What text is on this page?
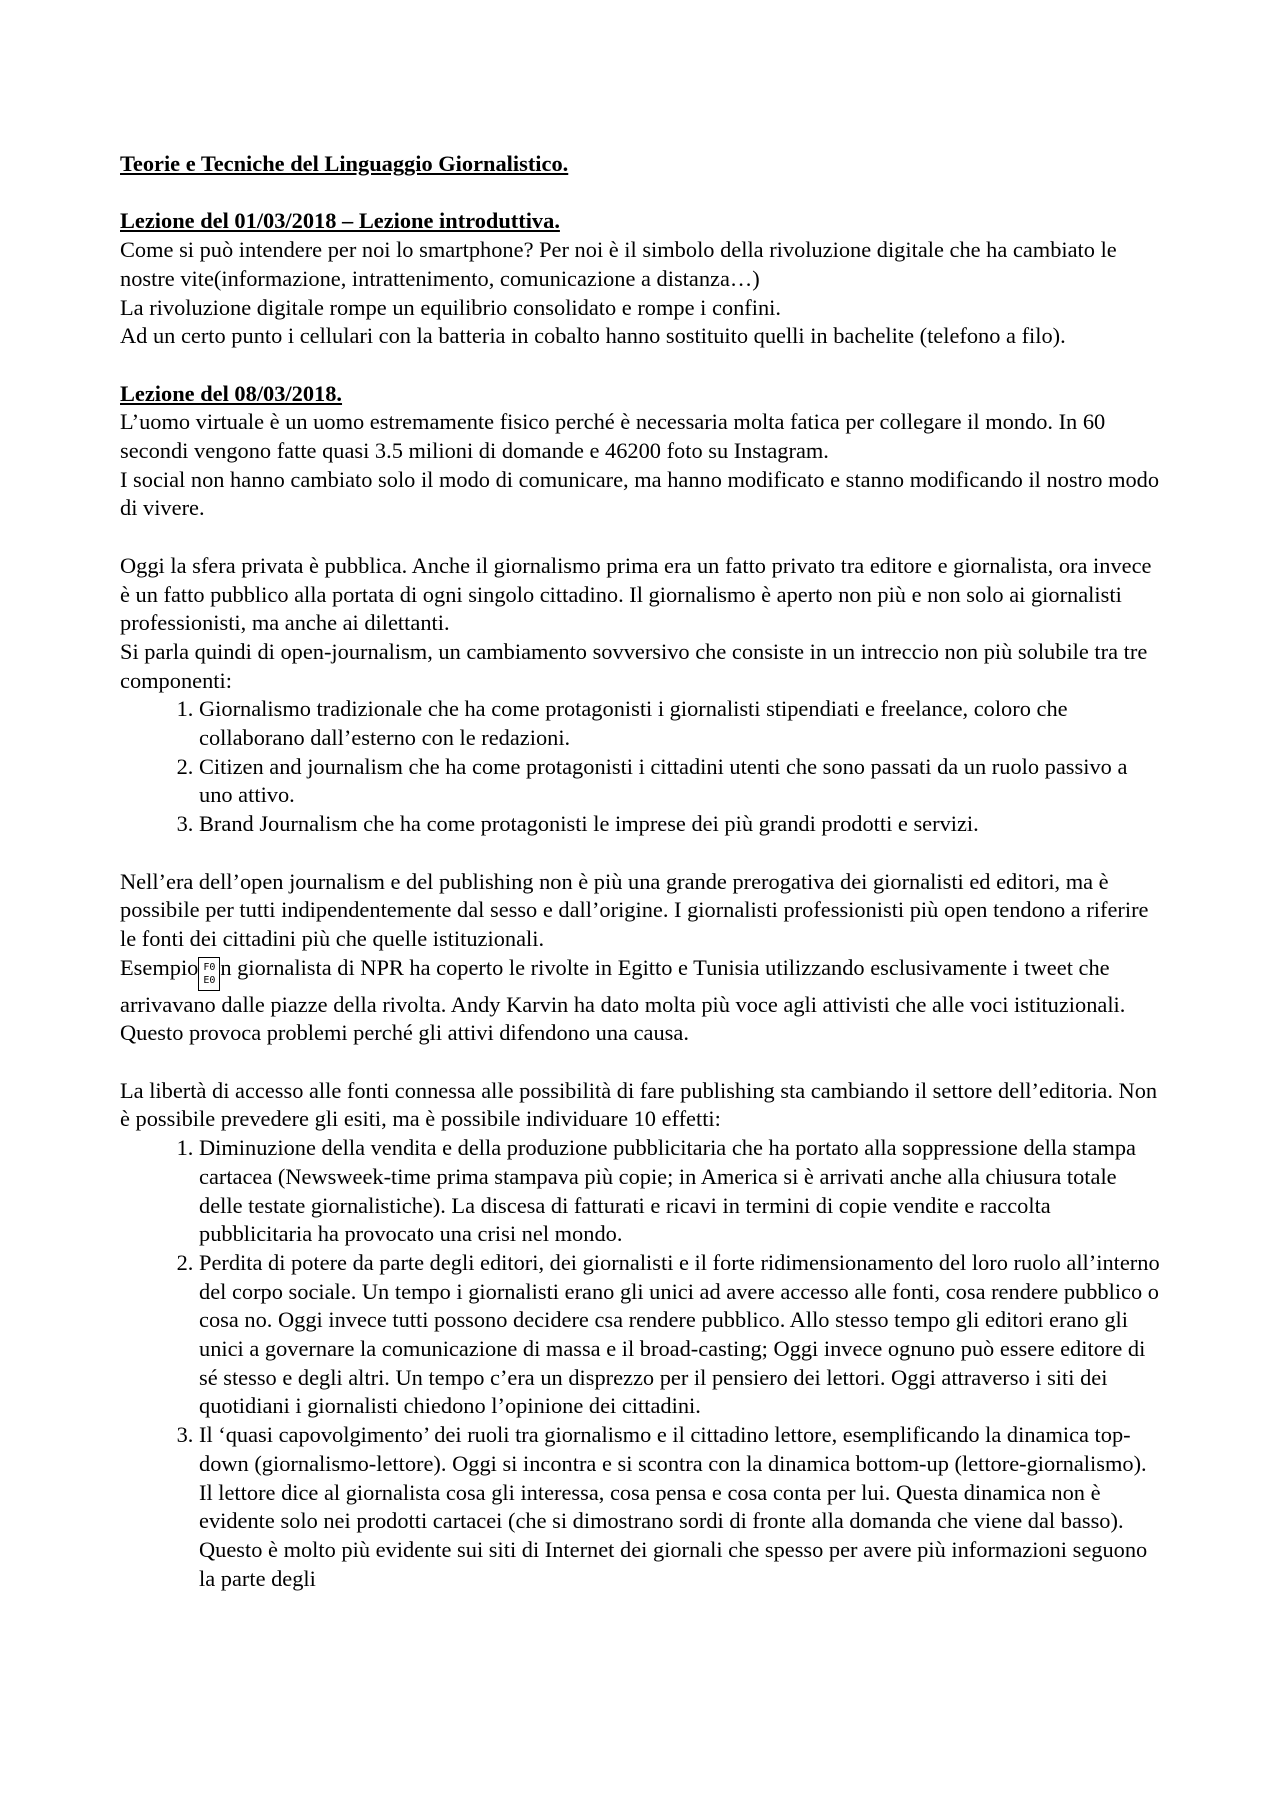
Teorie e Tecniche del Linguaggio Giornalistico.

Lezione del 01/03/2018 – Lezione introduttiva.

Come si può intendere per noi lo smartphone? Per noi è il simbolo della rivoluzione digitale che ha cambiato le nostre vite(informazione, intrattenimento, comunicazione a distanza…)

La rivoluzione digitale rompe un equilibrio consolidato e rompe i confini.

Ad un certo punto i cellulari con la batteria in cobalto hanno sostituito quelli in bachelite (telefono a filo).

Lezione del 08/03/2018.

L’uomo virtuale è un uomo estremamente fisico perché è necessaria molta fatica per collegare il mondo. In 60 secondi vengono fatte quasi 3.5 milioni di domande e 46200 foto su Instagram.

I social non hanno cambiato solo il modo di comunicare, ma hanno modificato e stanno modificando il nostro modo di vivere.

Oggi la sfera privata è pubblica. Anche il giornalismo prima era un fatto privato tra editore e giornalista, ora invece è un fatto pubblico alla portata di ogni singolo cittadino. Il giornalismo è aperto non più e non solo ai giornalisti professionisti, ma anche ai dilettanti.

Si parla quindi di open-journalism, un cambiamento sovversivo che consiste in un intreccio non più solubile tra tre componenti:

1. Giornalismo tradizionale che ha come protagonisti i giornalisti stipendiati e freelance, coloro che collaborano dall’esterno con le redazioni.
2. Citizen and journalism che ha come protagonisti i cittadini utenti che sono passati da un ruolo passivo a uno attivo.
3. Brand Journalism che ha come protagonisti le imprese dei più grandi prodotti e servizi.

Nell’era dell’open journalism e del publishing non è più una grande prerogativa dei giornalisti ed editori, ma è possibile per tutti indipendentemente dal sesso e dall’origine. I giornalisti professionisti più open tendono a riferire le fonti dei cittadini più che quelle istituzionali.

Esempio F0
E0
n giornalista di NPR ha coperto le rivolte in Egitto e Tunisia utilizzando esclusivamente i tweet che arrivavano dalle piazze della rivolta. Andy Karvin ha dato molta più voce agli attivisti che alle voci istituzionali. Questo provoca problemi perché gli attivi difendono una causa.

La libertà di accesso alle fonti connessa alle possibilità di fare publishing sta cambiando il settore dell’editoria. Non è possibile prevedere gli esiti, ma è possibile individuare 10 effetti:

1. Diminuzione della vendita e della produzione pubblicitaria che ha portato alla soppressione della stampa cartacea (Newsweek-time prima stampava più copie; in America si è arrivati anche alla chiusura totale delle testate giornalistiche). La discesa di fatturati e ricavi in termini di copie vendite e raccolta pubblicitaria ha provocato una crisi nel mondo.
2. Perdita di potere da parte degli editori, dei giornalisti e il forte ridimensionamento del loro ruolo all’interno del corpo sociale. Un tempo i giornalisti erano gli unici ad avere accesso alle fonti, cosa rendere pubblico o cosa no. Oggi invece tutti possono decidere csa rendere pubblico. Allo stesso tempo gli editori erano gli unici a governare la comunicazione di massa e il broad-casting; Oggi invece ognuno può essere editore di sé stesso e degli altri. Un tempo c’era un disprezzo per il pensiero dei lettori. Oggi attraverso i siti dei quotidiani i giornalisti chiedono l’opinione dei cittadini.
3. Il ‘quasi capovolgimento’ dei ruoli tra giornalismo e il cittadino lettore, esemplificando la dinamica top-down (giornalismo-lettore). Oggi si incontra e si scontra con la dinamica bottom-up (lettore-giornalismo). Il lettore dice al giornalista cosa gli interessa, cosa pensa e cosa conta per lui. Questa dinamica non è evidente solo nei prodotti cartacei (che si dimostrano sordi di fronte alla domanda che viene dal basso). Questo è molto più evidente sui siti di Internet dei giornali che spesso per avere più informazioni seguono la parte degli
